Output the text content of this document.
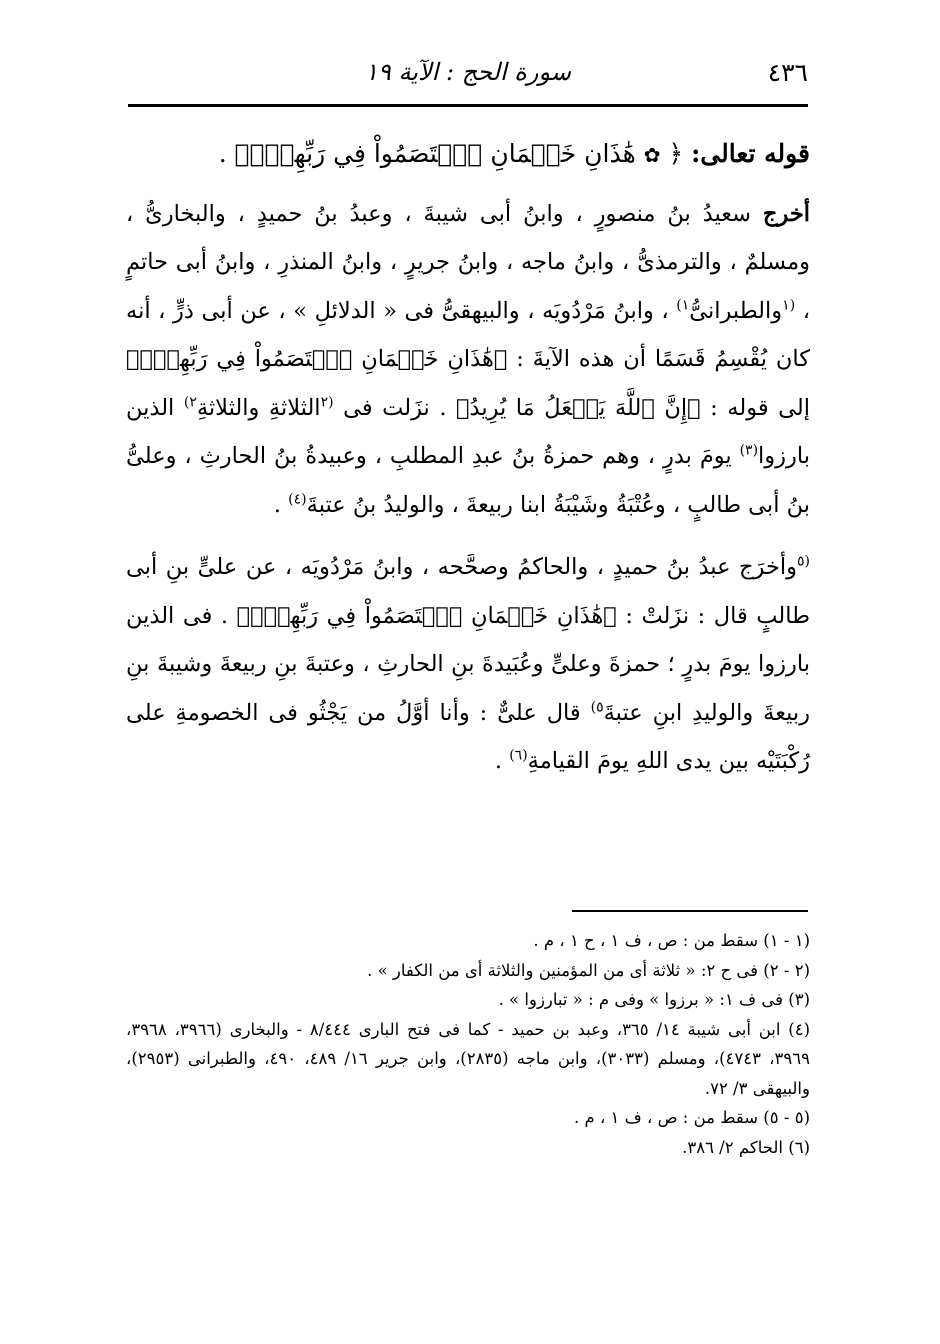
٤٣٦
سورة الحج : الآية ١٩

قوله تعالى: ﴿ ✿ هَٰذَانِ خَصۡمَانِ ٱخۡتَصَمُواْ فِي رَبِّهِمۡۖ﴾ .

أخرج سعيدُ بنُ منصورٍ ، وابنُ أبى شيبةَ ، وعبدُ بنُ حميدٍ ، والبخارىُّ ، ومسلمٌ ، والترمذىُّ ، وابنُ ماجه ، وابنُ جريرٍ ، وابنُ المنذرِ ، وابنُ أبى حاتمٍ ، $^{(١}$والطبرانىُّ$^{١)}$ ، وابنُ مَرْدُويَه ، والبيهقىُّ فى « الدلائلِ » ، عن أبى ذرٍّ ، أنه كان يُقْسِمُ قَسَمًا أن هذه الآيةَ : ﴿هَٰذَانِ خَصۡمَانِ ٱخۡتَصَمُواْ فِي رَبِّهِمۡۖ﴾ إلى قوله : ﴿إِنَّ ٱللَّهَ يَفۡعَلُ مَا يُرِيدُ﴾ . نزَلت فى $^{(٢}$الثلاثةِ والثلاثةِ$^{٢)}$ الذين بارزوا$^{(٣)}$ يومَ بدرٍ ، وهم حمزةُ بنُ عبدِ المطلبِ ، وعبيدةُ بنُ الحارثِ ، وعلىُّ بنُ أبى طالبٍ ، وعُتْبَةُ وشَيْبَةُ ابنا ربيعةَ ، والوليدُ بنُ عتبةَ$^{(٤)}$ .

$^{(٥}$وأخرَج عبدُ بنُ حميدٍ ، والحاكمُ وصحَّحه ، وابنُ مَرْدُويَه ، عن علىٍّ بنِ أبى طالبٍ قال : نزَلتْ : ﴿هَٰذَانِ خَصۡمَانِ ٱخۡتَصَمُواْ فِي رَبِّهِمۡۖ﴾ . فى الذين بارزوا يومَ بدرٍ ؛ حمزةَ وعلىٍّ وعُبَيدةَ بنِ الحارثِ ، وعتبةَ بنِ ربيعةَ وشيبةَ بنِ ربيعةَ والوليدِ ابنِ عتبةَ$^{٥)}$ قال علىٌّ : وأنا أوَّلُ من يَجْثُو فى الخصومةِ على رُكْبَتَيْه بين يدى اللهِ يومَ القيامةِ$^{(٦)}$ .

(١ - ١) سقط من : ص ، ف ١ ، ح ١ ، م .

(٢ - ٢) فى ح ٢: « ثلاثة أى من المؤمنين والثلاثة أى من الكفار » .

(٣) فى ف ١: « برزوا » وفى م : « تبارزوا » .

(٤) ابن أبى شيبة ١٤/ ٣٦٥، وعبد بن حميد - كما فى فتح البارى ٨/٤٤٤ - والبخارى (٣٩٦٦، ٣٩٦٨، ٣٩٦٩، ٤٧٤٣)، ومسلم (٣٠٣٣)، وابن ماجه (٢٨٣٥)، وابن جرير ١٦/ ٤٨٩، ٤٩٠، والطبرانى (٢٩٥٣)، والبيهقى ٣/ ٧٢.

(٥ - ٥) سقط من : ص ، ف ١ ، م .

(٦) الحاكم ٢/ ٣٨٦.
